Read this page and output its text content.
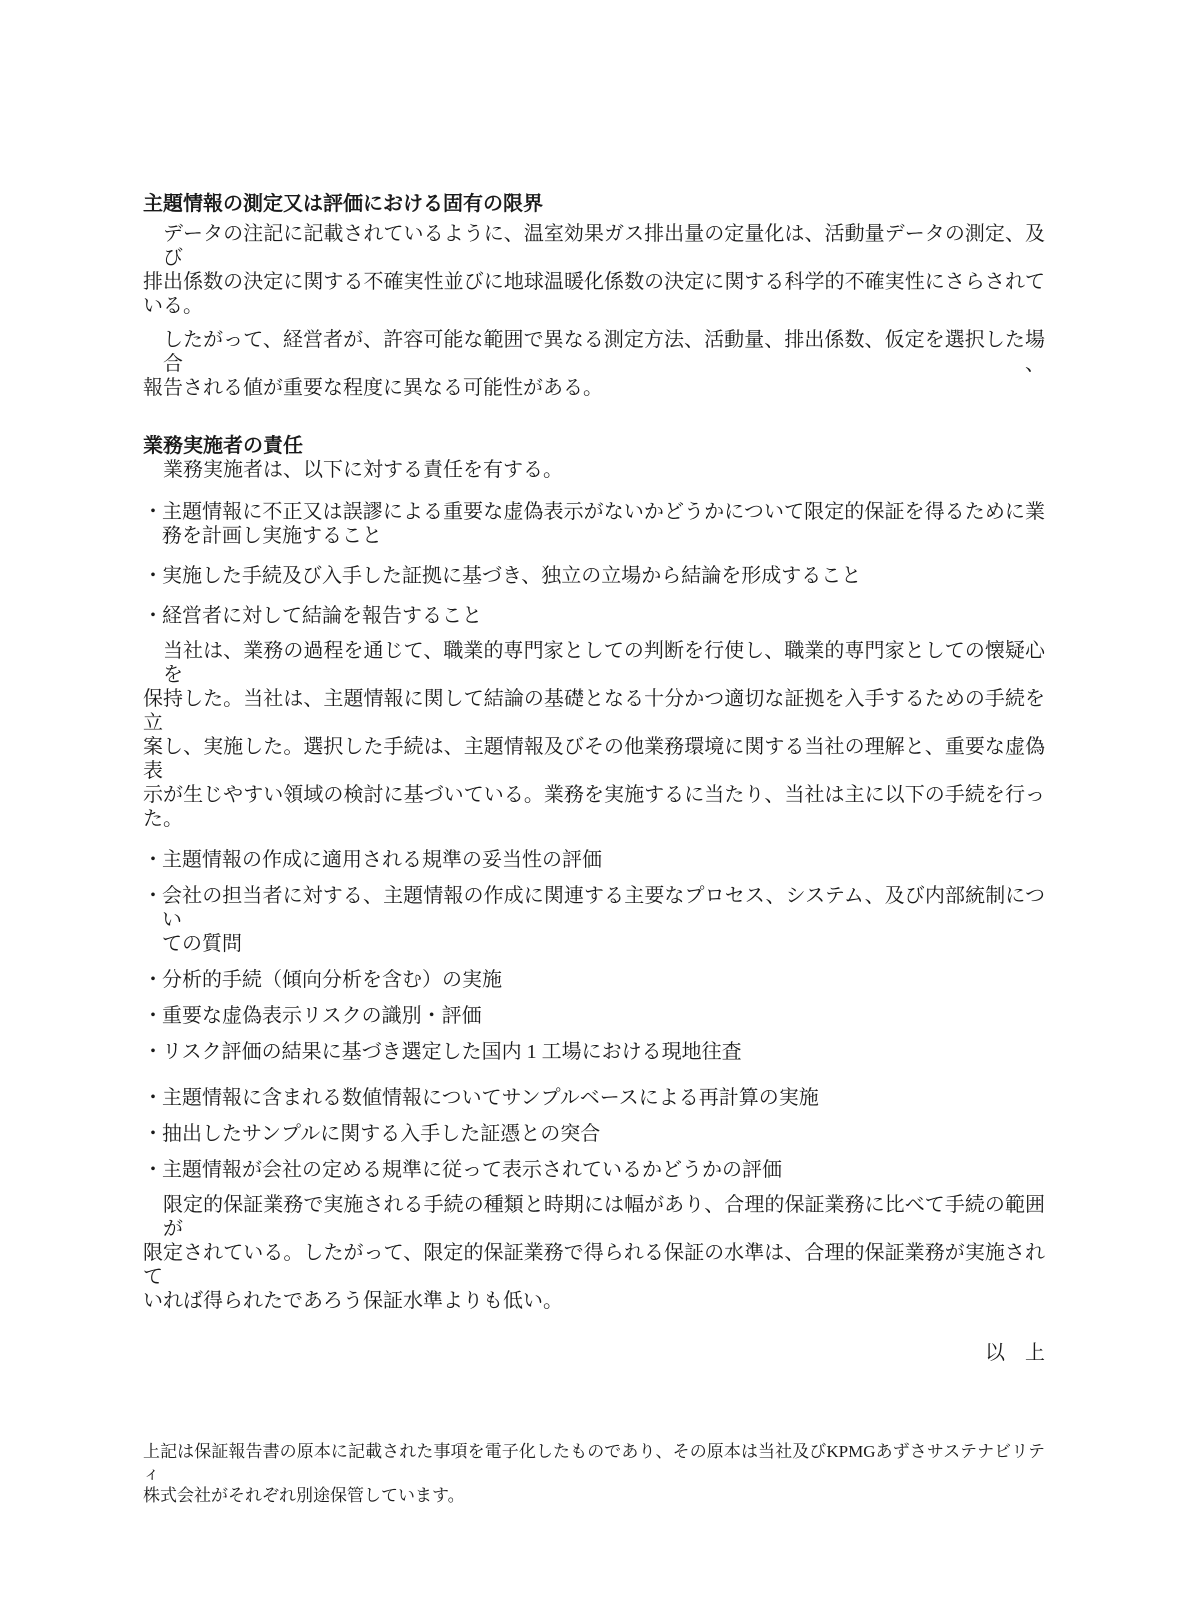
主題情報の測定又は評価における固有の限界
データの注記に記載されているように、温室効果ガス排出量の定量化は、活動量データの測定、及び
排出係数の決定に関する不確実性並びに地球温暖化係数の決定に関する科学的不確実性にさらされて
いる。
したがって、経営者が、許容可能な範囲で異なる測定方法、活動量、排出係数、仮定を選択した場合、
報告される値が重要な程度に異なる可能性がある。
業務実施者の責任
業務実施者は、以下に対する責任を有する。
・ 主題情報に不正又は誤謬による重要な虚偽表示がないかどうかについて限定的保証を得るために業
務を計画し実施すること
・ 実施した手続及び入手した証拠に基づき、独立の立場から結論を形成すること
・ 経営者に対して結論を報告すること
当社は、業務の過程を通じて、職業的専門家としての判断を行使し、職業的専門家としての懐疑心を
保持した。当社は、主題情報に関して結論の基礎となる十分かつ適切な証拠を入手するための手続を立
案し、実施した。選択した手続は、主題情報及びその他業務環境に関する当社の理解と、重要な虚偽表
示が生じやすい領域の検討に基づいている。業務を実施するに当たり、当社は主に以下の手続を行った。
・ 主題情報の作成に適用される規準の妥当性の評価
・ 会社の担当者に対する、主題情報の作成に関連する主要なプロセス、システム、及び内部統制につい
ての質問
・ 分析的手続（傾向分析を含む）の実施
・ 重要な虚偽表示リスクの識別・評価
・ リスク評価の結果に基づき選定した国内 1 工場における現地往査
・ 主題情報に含まれる数値情報についてサンプルベースによる再計算の実施
・ 抽出したサンプルに関する入手した証憑との突合
・ 主題情報が会社の定める規準に従って表示されているかどうかの評価
限定的保証業務で実施される手続の種類と時期には幅があり、合理的保証業務に比べて手続の範囲が
限定されている。したがって、限定的保証業務で得られる保証の水準は、合理的保証業務が実施されて
いれば得られたであろう保証水準よりも低い。
以　上
上記は保証報告書の原本に記載された事項を電子化したものであり、その原本は当社及びKPMGあずさサステナビリティ
株式会社がそれぞれ別途保管しています。
